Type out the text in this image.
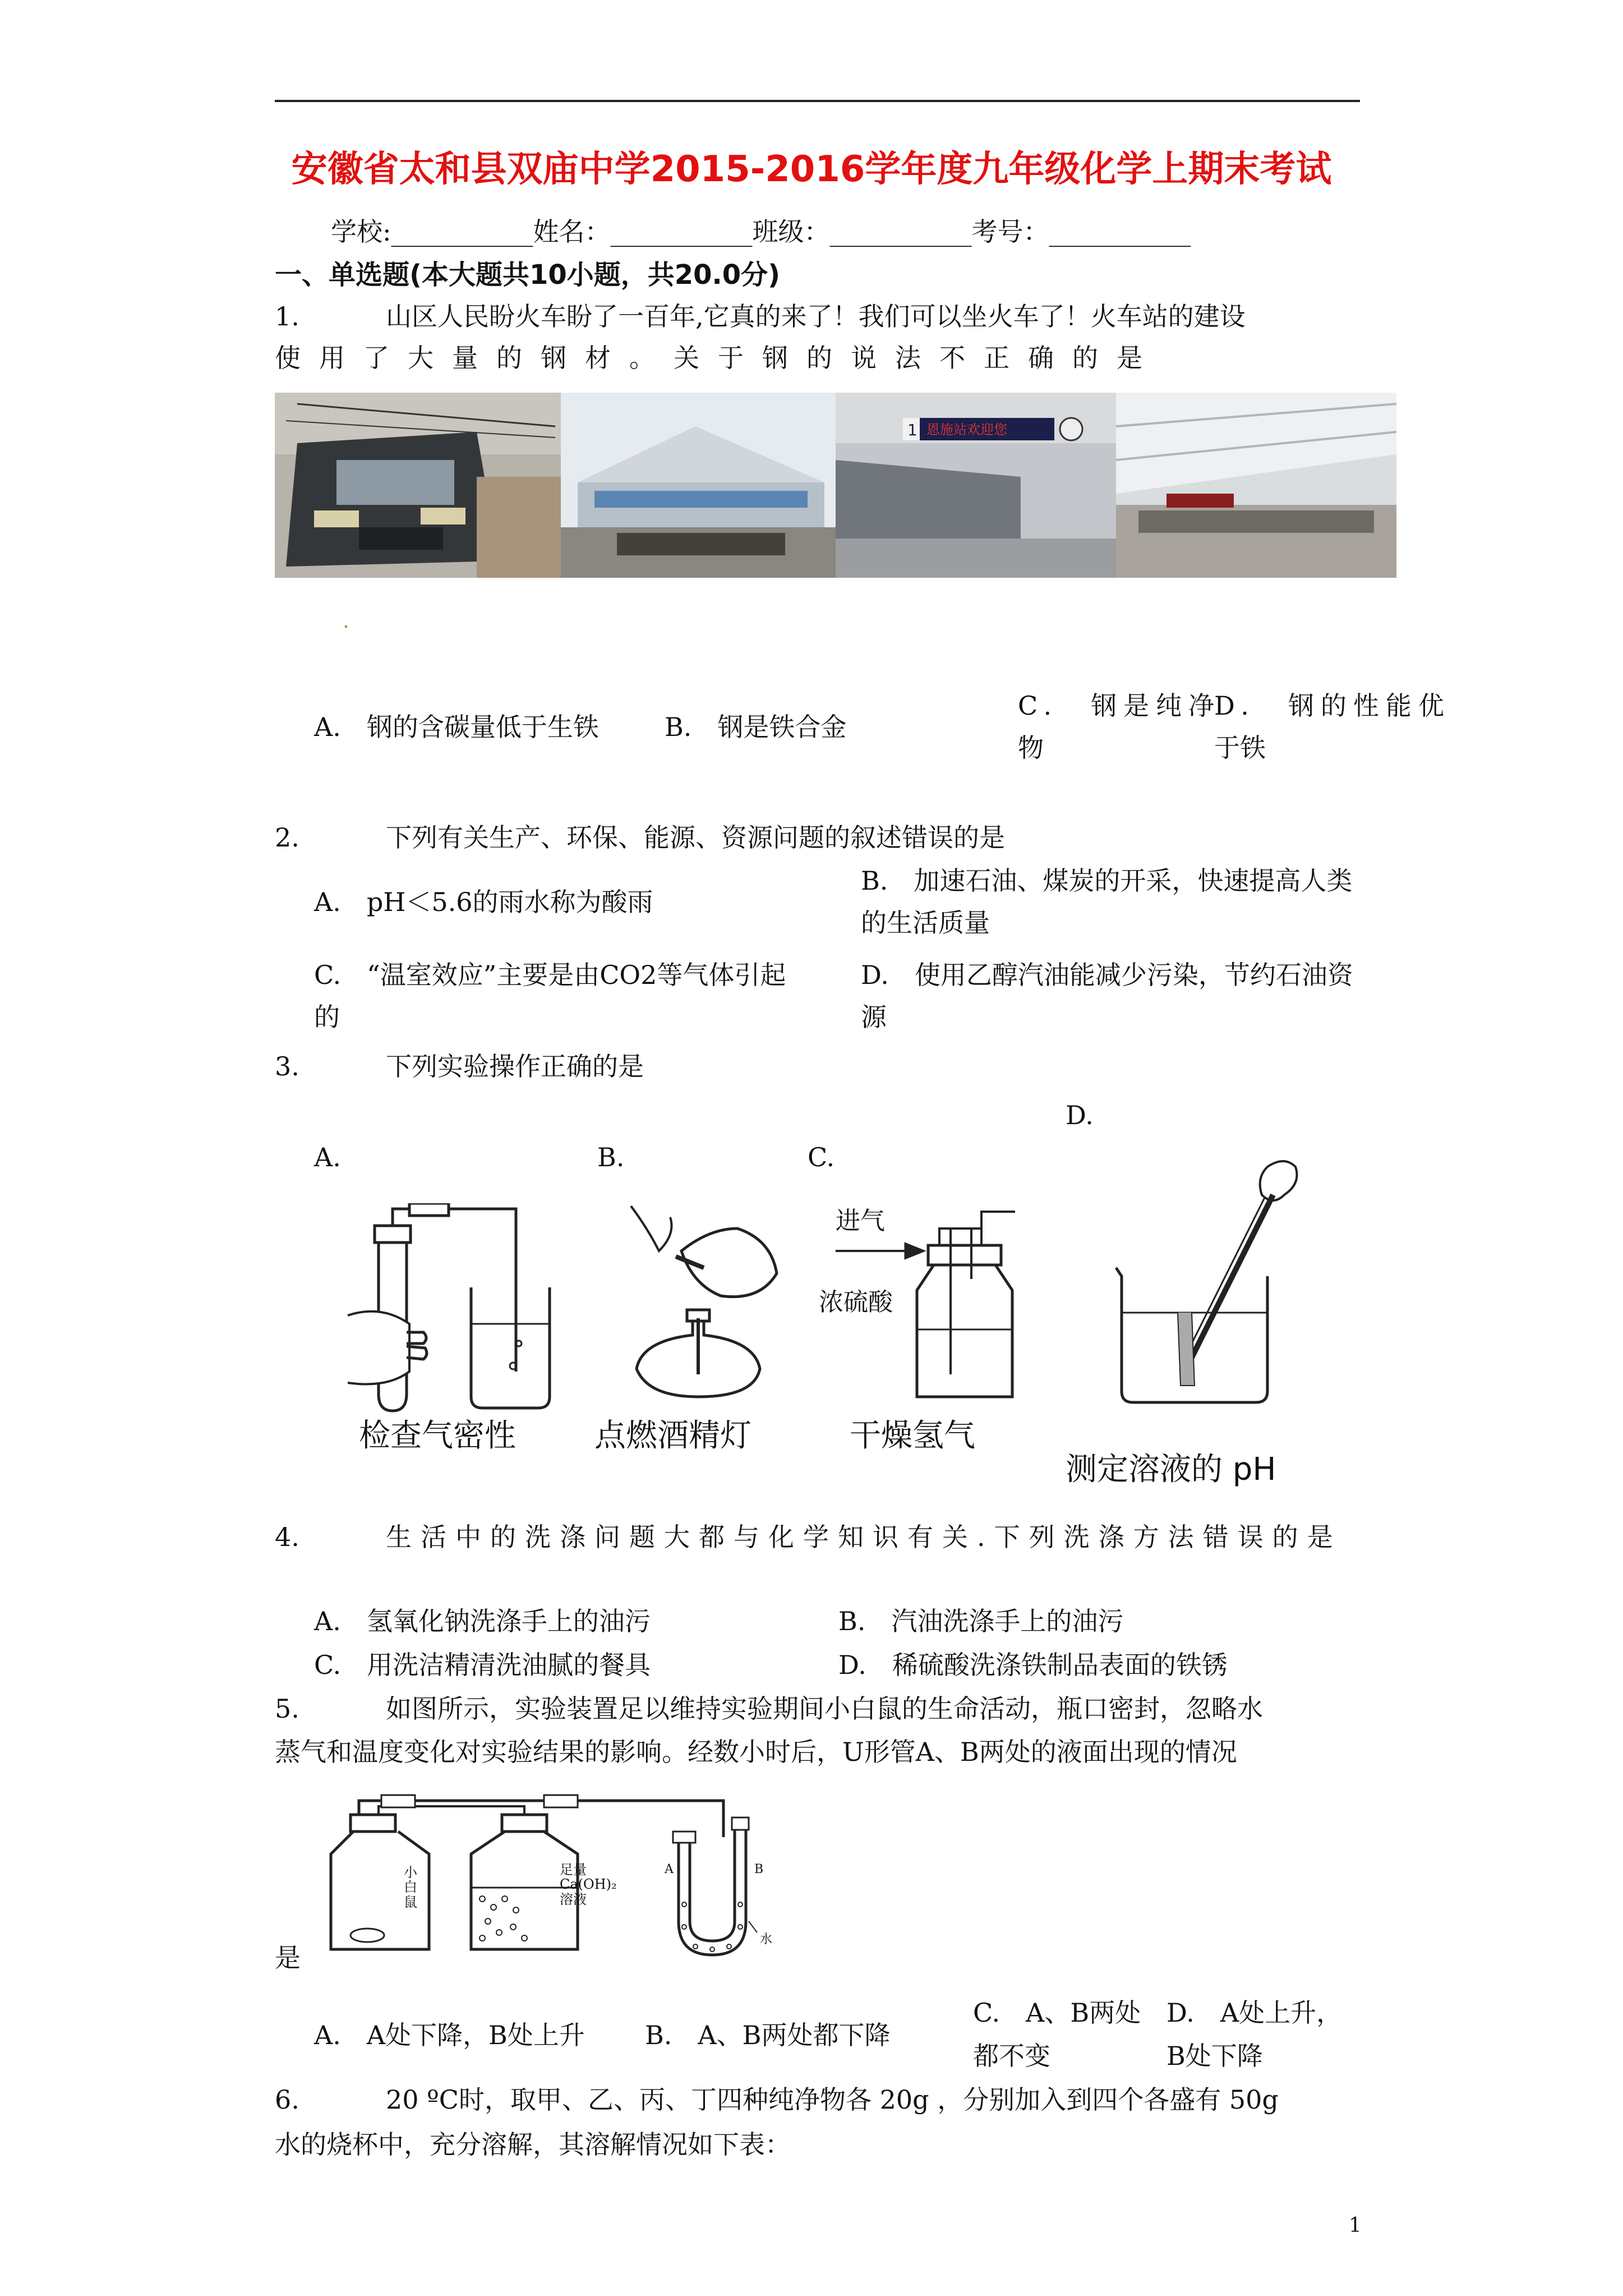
安徽省太和县双庙中学2015-2016学年度九年级化学上期末考试
学校:___________姓名：___________班级：___________考号：___________
一、单选题(本大题共10小题，共20.0分)
1.	山区人民盼火车盼了一百年,它真的来了！我们可以坐火车了！火车站的建设
使用了大量的钢材。关于钢的说法不正确的是
1 恩施站欢迎您
A.　钢的含碳量低于生铁	B.　钢是铁合金
C.　钢是纯净
物
D.　钢的性能优
于铁
2.	下列有关生产、环保、能源、资源问题的叙述错误的是
A.　pH＜5.6的雨水称为酸雨
B.　加速石油、煤炭的开采，快速提高人类
的生活质量
C.　“温室效应”主要是由CO2等气体引起
的
D.　使用乙醇汽油能减少污染，节约石油资
源
3.	下列实验操作正确的是
D.
A.	B.	C.
检查气密性	点燃酒精灯
进气
浓硫酸
干燥氢气
测定溶液的 pH
4.	生活中的洗涤问题大都与化学知识有关.下列洗涤方法错误的是
A.　氢氧化钠洗涤手上的油污	B.　汽油洗涤手上的油污
C.　用洗洁精清洗油腻的餐具	D.　稀硫酸洗涤铁制品表面的铁锈
5.	如图所示，实验装置足以维持实验期间小白鼠的生命活动，瓶口密封，忽略水
蒸气和温度变化对实验结果的影响。经数小时后，U形管A、B两处的液面出现的情况
小
白
鼠
足量
Ca(OH)₂
溶液
A	B
水
是
A.　A处下降，B处上升 B.　A、B两处都下降
C.　A、B两处
都不变
D.　A处上升，
B处下降
6.	20 ºC时，取甲、乙、丙、丁四种纯净物各 20g ，分别加入到四个各盛有 50g
水的烧杯中，充分溶解，其溶解情况如下表：
1
